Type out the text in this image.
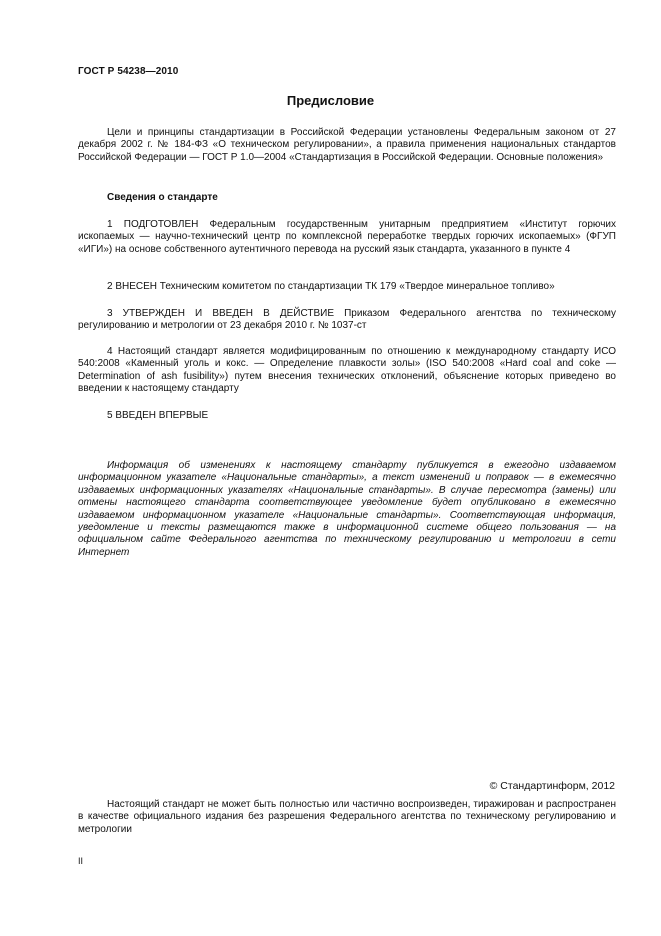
ГОСТ Р 54238—2010
Предисловие
Цели и принципы стандартизации в Российской Федерации установлены Федеральным законом от 27 декабря 2002 г. № 184-ФЗ «О техническом регулировании», а правила применения национальных стандартов Российской Федерации — ГОСТ Р 1.0—2004 «Стандартизация в Российской Федерации. Основные положения»
Сведения о стандарте
1 ПОДГОТОВЛЕН Федеральным государственным унитарным предприятием «Институт горючих ископаемых — научно-технический центр по комплексной переработке твердых горючих ископаемых» (ФГУП «ИГИ») на основе собственного аутентичного перевода на русский язык стандарта, указанного в пункте 4
2 ВНЕСЕН Техническим комитетом по стандартизации ТК 179 «Твердое минеральное топливо»
3 УТВЕРЖДЕН И ВВЕДЕН В ДЕЙСТВИЕ Приказом Федерального агентства по техническому регулированию и метрологии от 23 декабря 2010 г. № 1037-ст
4 Настоящий стандарт является модифицированным по отношению к международному стандарту ИСО 540:2008 «Каменный уголь и кокс. — Определение плавкости золы» (ISO 540:2008 «Hard coal and coke — Determination of ash fusibility») путем внесения технических отклонений, объяснение которых приведено во введении к настоящему стандарту
5 ВВЕДЕН ВПЕРВЫЕ
Информация об изменениях к настоящему стандарту публикуется в ежегодно издаваемом информационном указателе «Национальные стандарты», а текст изменений и поправок — в ежемесячно издаваемых информационных указателях «Национальные стандарты». В случае пересмотра (замены) или отмены настоящего стандарта соответствующее уведомление будет опубликовано в ежемесячно издаваемом информационном указателе «Национальные стандарты». Соответствующая информация, уведомление и тексты размещаются также в информационной системе общего пользования — на официальном сайте Федерального агентства по техническому регулированию и метрологии в сети Интернет
© Стандартинформ, 2012
Настоящий стандарт не может быть полностью или частично воспроизведен, тиражирован и распространен в качестве официального издания без разрешения Федерального агентства по техническому регулированию и метрологии
II
